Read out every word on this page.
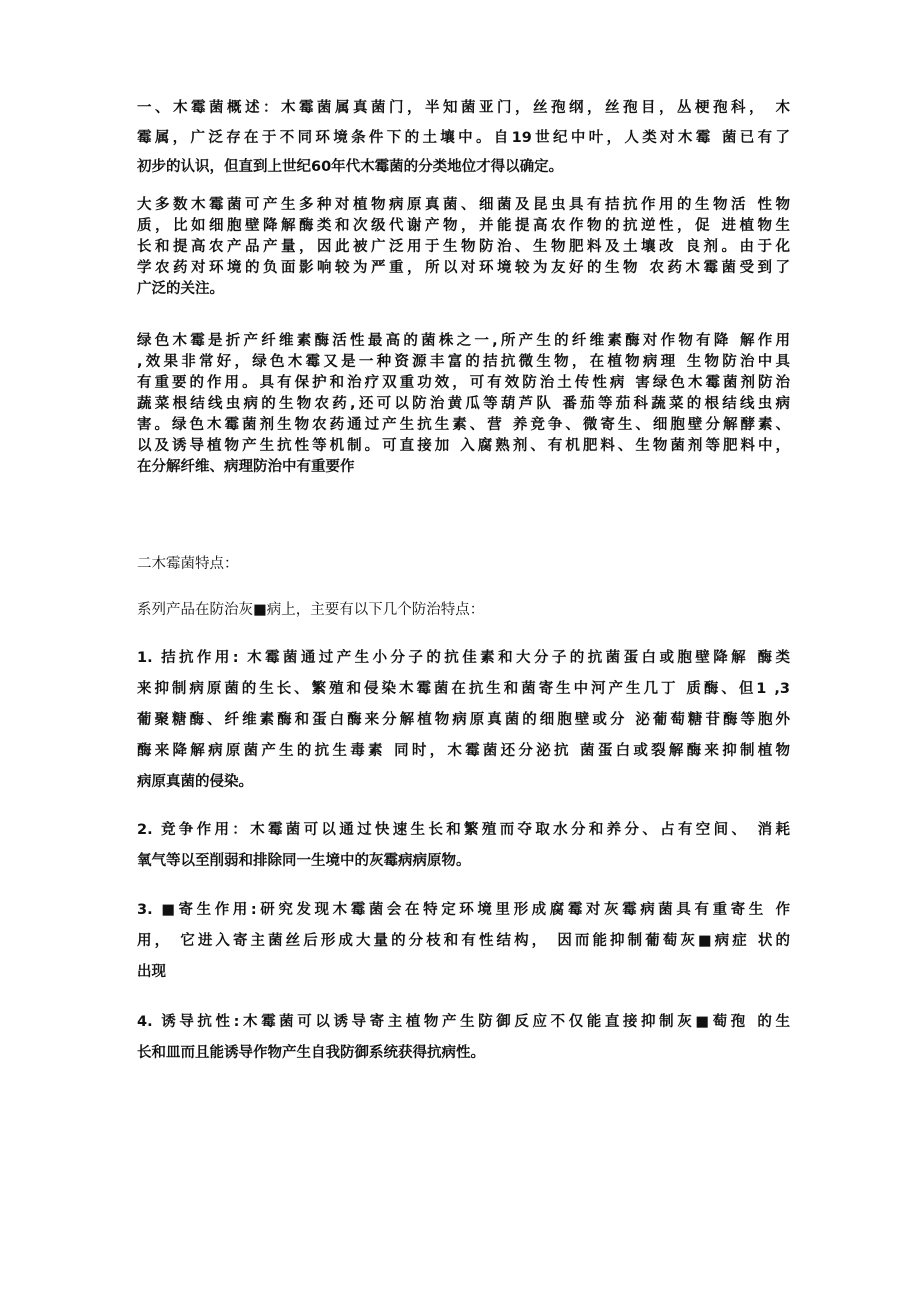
一、木霉菌概述：木霉菌属真菌门，半知菌亚门，丝孢纲，丝孢目，丛梗孢科， 木
霉属，广泛存在于不同环境条件下的土壤中。自19世纪中叶，人类对木霉 菌已有了
初步的认识，但直到上世纪60年代木霉菌的分类地位才得以确定。
大多数木霉菌可产生多种对植物病原真菌、细菌及昆虫具有拮抗作用的生物活 性物
质，比如细胞壁降解酶类和次级代谢产物，并能提高农作物的抗逆性，促 进植物生
长和提高农产品产量，因此被广泛用于生物防治、生物肥料及土壤改 良剂。由于化
学农药对环境的负面影响较为严重，所以对环境较为友好的生物 农药木霉菌受到了
广泛的关注。
绿色木霉是折产纤维素酶活性最高的菌株之一,所产生的纤维素酶对作物有降 解作用
,效果非常好，绿色木霉又是一种资源丰富的拮抗微生物，在植物病理 生物防治中具
有重要的作用。具有保护和治疗双重功效，可有效防治土传性病 害绿色木霉菌剂防治
蔬菜根结线虫病的生物农药,还可以防治黄瓜等葫芦队 番茄等茄科蔬菜的根结线虫病
害。绿色木霉菌剂生物农药通过产生抗生素、营 养竞争、微寄生、细胞壁分解酵素、
以及诱导植物产生抗性等机制。可直接加 入腐熟剂、有机肥料、生物菌剂等肥料中，
在分解纤维、病理防治中有重要作
二木霉菌特点：
系列产品在防治灰■病上，主要有以下几个防治特点：
1. 拮抗作用: 木霉菌通过产生小分子的抗佳素和大分子的抗菌蛋白或胞壁降解 酶类
来抑制病原菌的生长、繁殖和侵染木霉菌在抗生和菌寄生中河产生几丁 质酶、但1 ,3
葡聚糖酶、纤维素酶和蛋白酶来分解植物病原真菌的细胞壁或分 泌葡萄糖苷酶等胞外
酶来降解病原菌产生的抗生毒素 同时，木霉菌还分泌抗 菌蛋白或裂解酶来抑制植物
病原真菌的侵染。
2. 竞争作用：木霉菌可以通过快速生长和繁殖而夺取水分和养分、占有空间、 消耗
氧气等以至削弱和排除同一生境中的灰霉病病原物。
3. ■寄生作用:研究发现木霉菌会在特定环境里形成腐霉对灰霉病菌具有重寄生 作
用， 它进入寄主菌丝后形成大量的分枝和有性结构， 因而能抑制葡萄灰■病症 状的
出现
4. 诱导抗性:木霉菌可以诱导寄主植物产生防御反应不仅能直接抑制灰■萄孢 的生
长和皿而且能诱导作物产生自我防御系统获得抗病性。
